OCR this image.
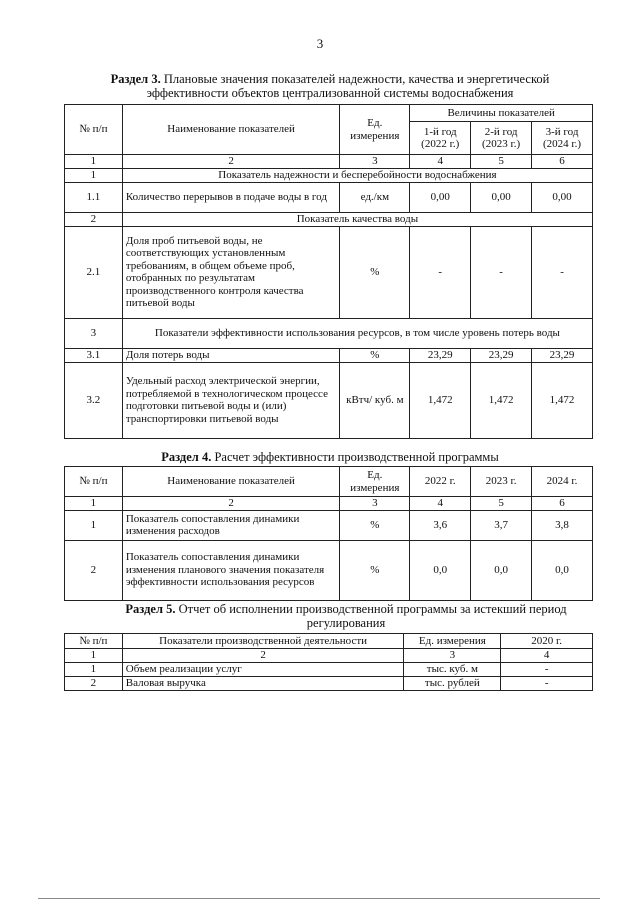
3
Раздел 3. Плановые значения показателей надежности, качества и энергетической эффективности объектов централизованной системы водоснабжения
№ п/п	Наименование показателей	Ед. измерения	Величины показателей		
			1-й год (2022 г.)	2-й год (2023 г.)	3-й год (2024 г.)
1	2	3	4	5	6
1	Показатель надежности и бесперебойности водоснабжения				
1.1	Количество перерывов в подаче воды в год	ед./км	0,00	0,00	0,00
2	Показатель качества воды				
2.1	Доля проб питьевой воды, не соответствующих установленным требованиям, в общем объеме проб, отобранных по результатам производственного контроля качества питьевой воды	%	-	-	-
3	Показатели эффективности использования ресурсов, в том числе уровень потерь воды				
3.1	Доля потерь воды	%	23,29	23,29	23,29
3.2	Удельный расход электрической энергии, потребляемой в технологическом процессе подготовки питьевой воды и (или) транспортировки питьевой воды	кВтч/ куб. м	1,472	1,472	1,472
Раздел 4. Расчет эффективности производственной программы
№ п/п	Наименование показателей	Ед. измерения	2022 г.	2023 г.	2024 г.
1	2	3	4	5	6
1	Показатель сопоставления динамики изменения расходов	%	3,6	3,7	3,8
2	Показатель сопоставления динамики изменения планового значения показателя эффективности использования ресурсов	%	0,0	0,0	0,0
Раздел 5. Отчет об исполнении производственной программы за истекший период регулирования
№ п/п	Показатели производственной деятельности	Ед. измерения	2020 г.
1	2	3	4
1	Объем реализации услуг	тыс. куб. м	-
2	Валовая выручка	тыс. рублей	-
